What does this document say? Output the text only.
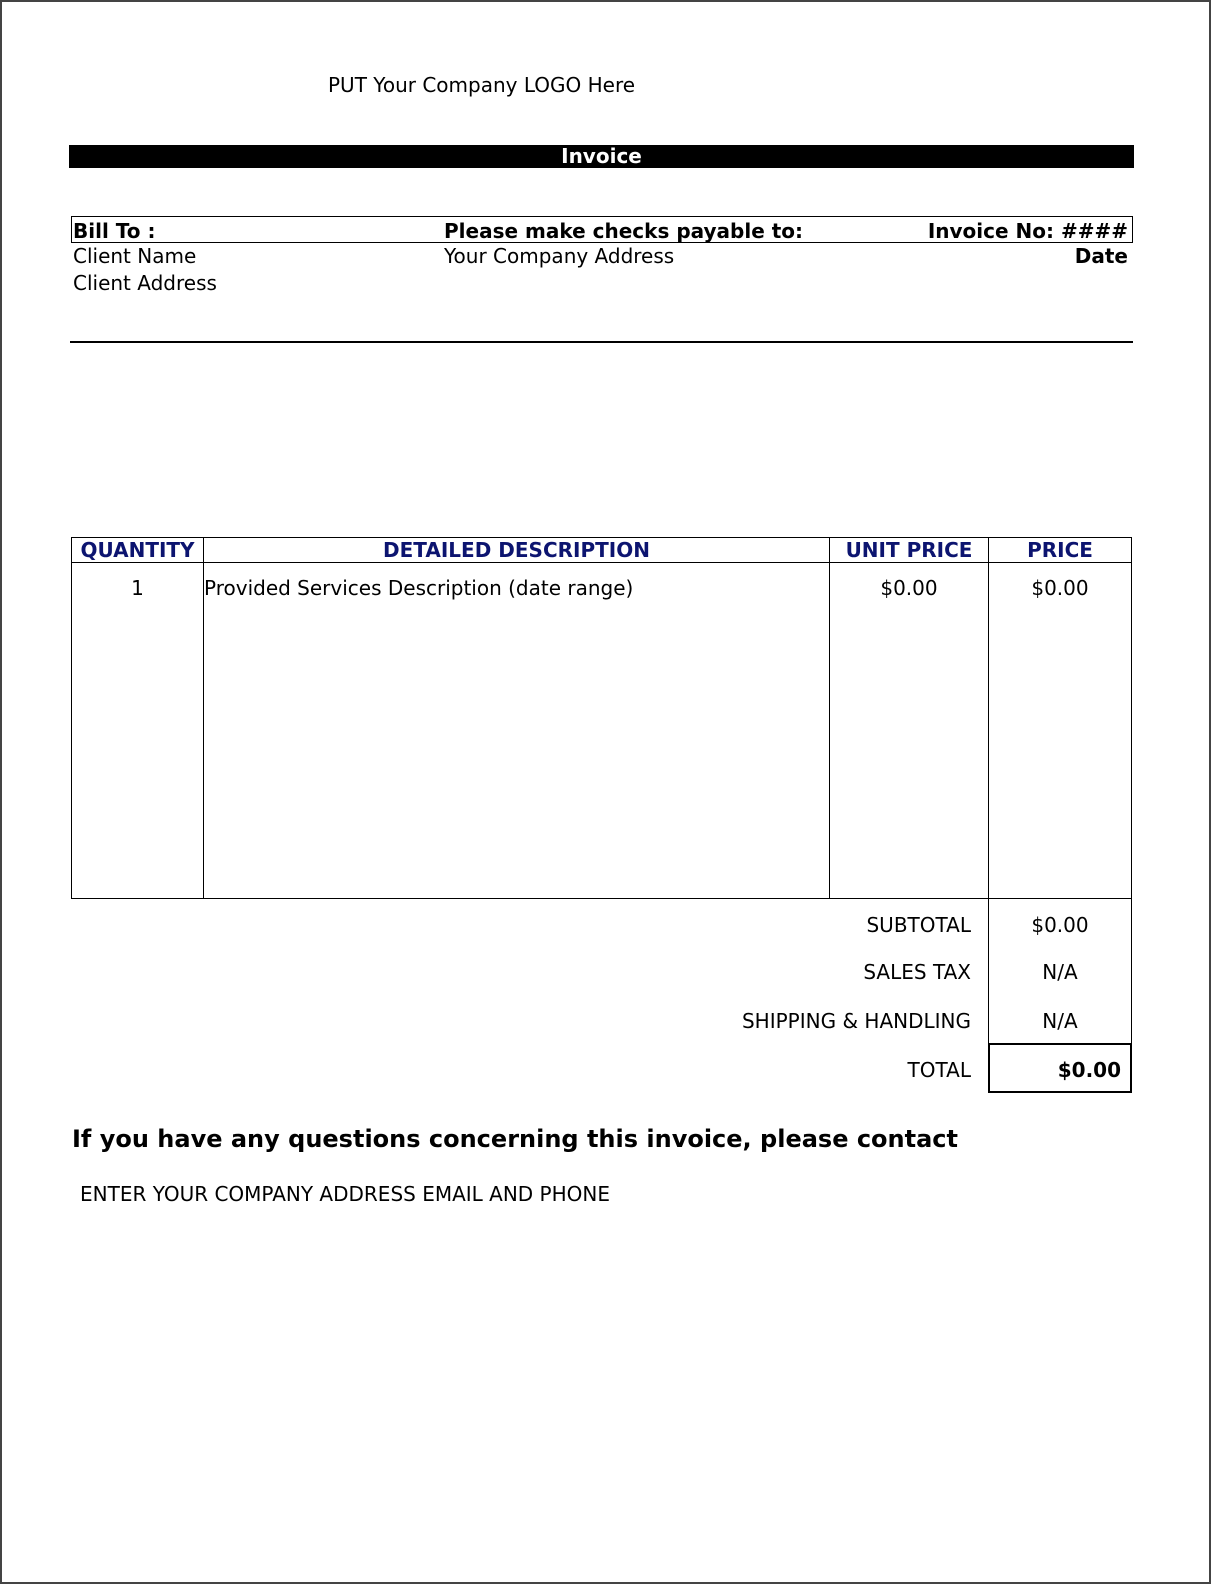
PUT Your Company LOGO Here
Invoice
Bill To :	Please make checks payable to:	Invoice No: ####
Client Name	Your Company Address	Date
Client Address
QUANTITY	DETAILED DESCRIPTION	UNIT PRICE	PRICE
1	Provided Services Description (date range)	$0.00	$0.00
SUBTOTAL	$0.00
SALES TAX	N/A
SHIPPING & HANDLING	N/A
TOTAL	$0.00
If you have any questions concerning this invoice, please contact
ENTER YOUR COMPANY ADDRESS EMAIL AND PHONE
